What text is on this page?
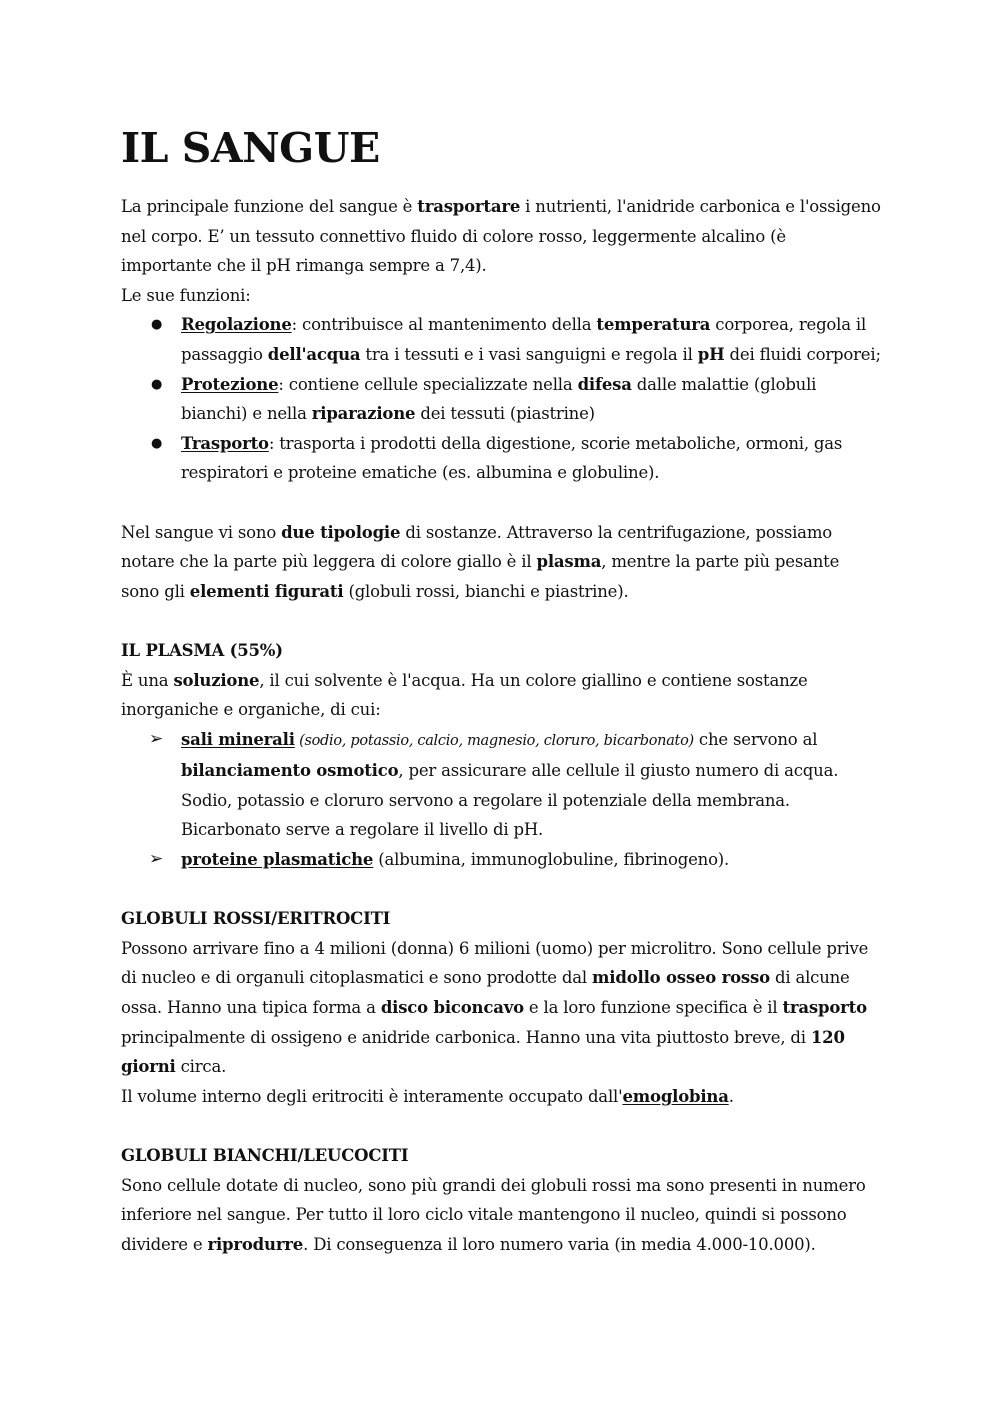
IL SANGUE

La principale funzione del sangue è trasportare i nutrienti, l'anidride carbonica e l'ossigeno nel corpo. E’ un tessuto connettivo fluido di colore rosso, leggermente alcalino (è importante che il pH rimanga sempre a 7,4).

Le sue funzioni:

●	Regolazione: contribuisce al mantenimento della temperatura corporea, regola il passaggio dell'acqua tra i tessuti e i vasi sanguigni e regola il pH dei fluidi corporei;
●	Protezione: contiene cellule specializzate nella difesa dalle malattie (globuli bianchi) e nella riparazione dei tessuti (piastrine)
●	Trasporto: trasporta i prodotti della digestione, scorie metaboliche, ormoni, gas respiratori e proteine ematiche (es. albumina e globuline).

Nel sangue vi sono due tipologie di sostanze. Attraverso la centrifugazione, possiamo notare che la parte più leggera di colore giallo è il plasma, mentre la parte più pesante sono gli elementi figurati (globuli rossi, bianchi e piastrine).

IL PLASMA (55%)

È una soluzione, il cui solvente è l'acqua. Ha un colore giallino e contiene sostanze inorganiche e organiche, di cui:

➢ sali minerali (sodio, potassio, calcio, magnesio, cloruro, bicarbonato) che servono al bilanciamento osmotico, per assicurare alle cellule il giusto numero di acqua. Sodio, potassio e cloruro servono a regolare il potenziale della membrana. Bicarbonato serve a regolare il livello di pH.
➢ proteine plasmatiche (albumina, immunoglobuline, fibrinogeno).

GLOBULI ROSSI/ERITROCITI

Possono arrivare fino a 4 milioni (donna) 6 milioni (uomo) per microlitro. Sono cellule prive di nucleo e di organuli citoplasmatici e sono prodotte dal midollo osseo rosso di alcune ossa. Hanno una tipica forma a disco biconcavo e la loro funzione specifica è il trasporto principalmente di ossigeno e anidride carbonica. Hanno una vita piuttosto breve, di 120 giorni circa.

Il volume interno degli eritrociti è interamente occupato dall'emoglobina.

GLOBULI BIANCHI/LEUCOCITI

Sono cellule dotate di nucleo, sono più grandi dei globuli rossi ma sono presenti in numero inferiore nel sangue. Per tutto il loro ciclo vitale mantengono il nucleo, quindi si possono dividere e riprodurre. Di conseguenza il loro numero varia (in media 4.000-10.000).
